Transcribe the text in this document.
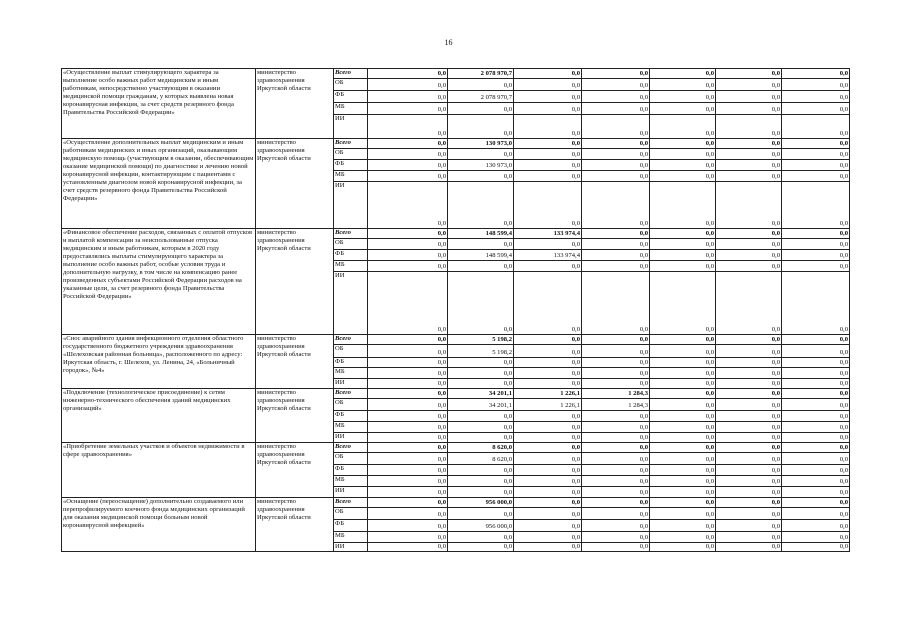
16
«Осуществление выплат стимулирующего характера за выполнение особо важных работ медицинским и иным работникам, непосредственно участвующим в оказании медицинской помощи гражданам, у которых выявлена новая коронавирусная инфекция, за счет средств резервного фонда Правительства Российской Федерации»	министерство здравоохранения Иркутской области	Всего	0,0	2 078 970,7	0,0	0,0	0,0	0,0	0,0
		ОБ	0,0	0,0	0,0	0,0	0,0	0,0	0,0
		ФБ	0,0	2 078 970,7	0,0	0,0	0,0	0,0	0,0
		МБ	0,0	0,0	0,0	0,0	0,0	0,0	0,0
		ИИ	0,0	0,0	0,0	0,0	0,0	0,0	0,0
«Осуществление дополнительных выплат медицинским и иным работникам медицинских и иных организаций, оказывающим медицинскую помощь (участвующим в оказании, обеспечивающим оказание медицинской помощи) по диагностике и лечению новой коронавирусной инфекции, контактирующим с пациентами с установленным диагнозом новой коронавирусной инфекции, за счет средств резервного фонда Правительства Российской Федерации»	министерство здравоохранения Иркутской области	Всего	0,0	130 973,0	0,0	0,0	0,0	0,0	0,0
		ОБ	0,0	0,0	0,0	0,0	0,0	0,0	0,0
		ФБ	0,0	130 973,0	0,0	0,0	0,0	0,0	0,0
		МБ	0,0	0,0	0,0	0,0	0,0	0,0	0,0
		ИИ	0,0	0,0	0,0	0,0	0,0	0,0	0,0
«Финансовое обеспечение расходов, связанных с оплатой отпусков и выплатой компенсации за неиспользованные отпуска медицинским и иным работникам, которым в 2020 году предоставлялись выплаты стимулирующего характера за выполнение особо важных работ, особые условия труда и дополнительную нагрузку, в том числе на компенсацию ранее произведенных субъектами Российской Федерации расходов на указанные цели, за счет резервного фонда Правительства Российской Федерации»	министерство здравоохранения Иркутской области	Всего	0,0	148 599,4	133 974,4	0,0	0,0	0,0	0,0
		ОБ	0,0	0,0	0,0	0,0	0,0	0,0	0,0
		ФБ	0,0	148 599,4	133 974,4	0,0	0,0	0,0	0,0
		МБ	0,0	0,0	0,0	0,0	0,0	0,0	0,0
		ИИ	0,0	0,0	0,0	0,0	0,0	0,0	0,0
«Снос аварийного здания инфекционного отделения областного государственного бюджетного учреждения здравоохранения «Шелеховская районная больница», расположенного по адресу: Иркутская область, г. Шелехов, ул. Ленина, 24, «Больничный городок», №4»	министерство здравоохранения Иркутской области	Всего	0,0	5 198,2	0,0	0,0	0,0	0,0	0,0
		ОБ	0,0	5 198,2	0,0	0,0	0,0	0,0	0,0
		ФБ	0,0	0,0	0,0	0,0	0,0	0,0	0,0
		МБ	0,0	0,0	0,0	0,0	0,0	0,0	0,0
		ИИ	0,0	0,0	0,0	0,0	0,0	0,0	0,0
«Подключение (технологическое присоединение) к сетям инженерно-технического обеспечения зданий медицинских организаций»	министерство здравоохранения Иркутской области	Всего	0,0	34 201,1	1 226,1	1 284,3	0,0	0,0	0,0
		ОБ	0,0	34 201,1	1 226,1	1 284,3	0,0	0,0	0,0
		ФБ	0,0	0,0	0,0	0,0	0,0	0,0	0,0
		МБ	0,0	0,0	0,0	0,0	0,0	0,0	0,0
		ИИ	0,0	0,0	0,0	0,0	0,0	0,0	0,0
«Приобретение земельных участков и объектов недвижимости в сфере здравоохранения»	министерство здравоохранения Иркутской области	Всего	0,0	8 620,0	0,0	0,0	0,0	0,0	0,0
		ОБ	0,0	8 620,0	0,0	0,0	0,0	0,0	0,0
		ФБ	0,0	0,0	0,0	0,0	0,0	0,0	0,0
		МБ	0,0	0,0	0,0	0,0	0,0	0,0	0,0
		ИИ	0,0	0,0	0,0	0,0	0,0	0,0	0,0
«Оснащение (переоснащение) дополнительно создаваемого или перепрофилируемого коечного фонда медицинских организаций для оказания медицинской помощи больным новой коронавирусной инфекцией»	министерство здравоохранения Иркутской области	Всего	0,0	956 000,0	0,0	0,0	0,0	0,0	0,0
		ОБ	0,0	0,0	0,0	0,0	0,0	0,0	0,0
		ФБ	0,0	956 000,0	0,0	0,0	0,0	0,0	0,0
		МБ	0,0	0,0	0,0	0,0	0,0	0,0	0,0
		ИИ	0,0	0,0	0,0	0,0	0,0	0,0	0,0
